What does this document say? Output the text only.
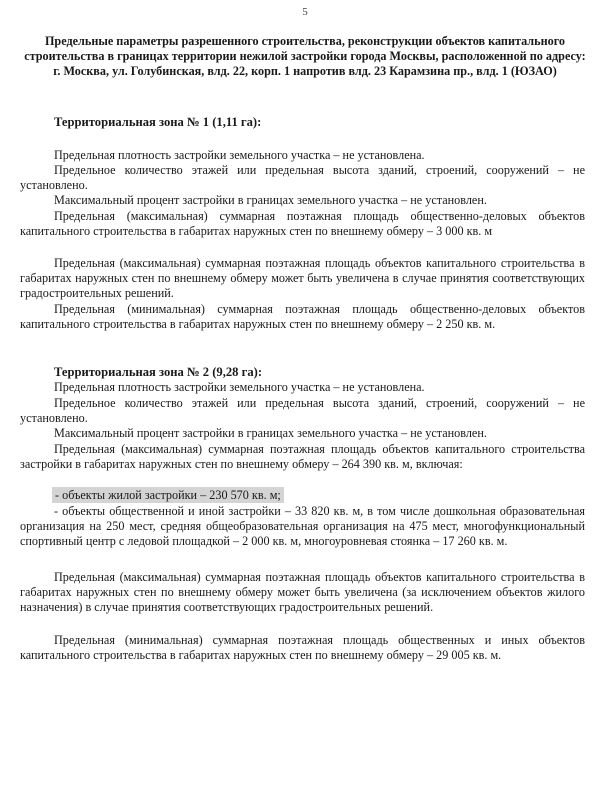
5
Предельные параметры разрешенного строительства, реконструкции объектов капитального строительства в границах территории нежилой застройки города Москвы, расположенной по адресу: г. Москва, ул. Голубинская, влд. 22, корп. 1 напротив влд. 23 Карамзина пр., влд. 1 (ЮЗАО)
Территориальная зона № 1 (1,11 га):

Предельная плотность застройки земельного участка – не установлена.

Предельное количество этажей или предельная высота зданий, строений, сооружений – не установлено.

Максимальный процент застройки в границах земельного участка – не установлен.

Предельная (максимальная) суммарная поэтажная площадь общественно-деловых объектов капитального строительства в габаритах наружных стен по внешнему обмеру – 3 000 кв. м

Предельная (максимальная) суммарная поэтажная площадь объектов капитального строительства в габаритах наружных стен по внешнему обмеру может быть увеличена в случае принятия соответствующих градостроительных решений.

Предельная (минимальная) суммарная поэтажная площадь общественно-деловых объектов капитального строительства в габаритах наружных стен по внешнему обмеру – 2 250 кв. м.

Территориальная зона № 2 (9,28 га):

Предельная плотность застройки земельного участка – не установлена.

Предельное количество этажей или предельная высота зданий, строений, сооружений – не установлено.

Максимальный процент застройки в границах земельного участка – не установлен.

Предельная (максимальная) суммарная поэтажная площадь объектов капитального строительства застройки в габаритах наружных стен по внешнему обмеру – 264 390 кв. м, включая:

- объекты жилой застройки – 230 570 кв. м;

- объекты общественной и иной застройки – 33 820 кв. м, в том числе дошкольная образовательная организация на 250 мест, средняя общеобразовательная организация на 475 мест, многофункциональный спортивный центр с ледовой площадкой – 2 000 кв. м, многоуровневая стоянка – 17 260 кв. м.

Предельная (максимальная) суммарная поэтажная площадь объектов капитального строительства в габаритах наружных стен по внешнему обмеру может быть увеличена (за исключением объектов жилого назначения) в случае принятия соответствующих градостроительных решений.

Предельная (минимальная) суммарная поэтажная площадь общественных и иных объектов капитального строительства в габаритах наружных стен по внешнему обмеру – 29 005 кв. м.
